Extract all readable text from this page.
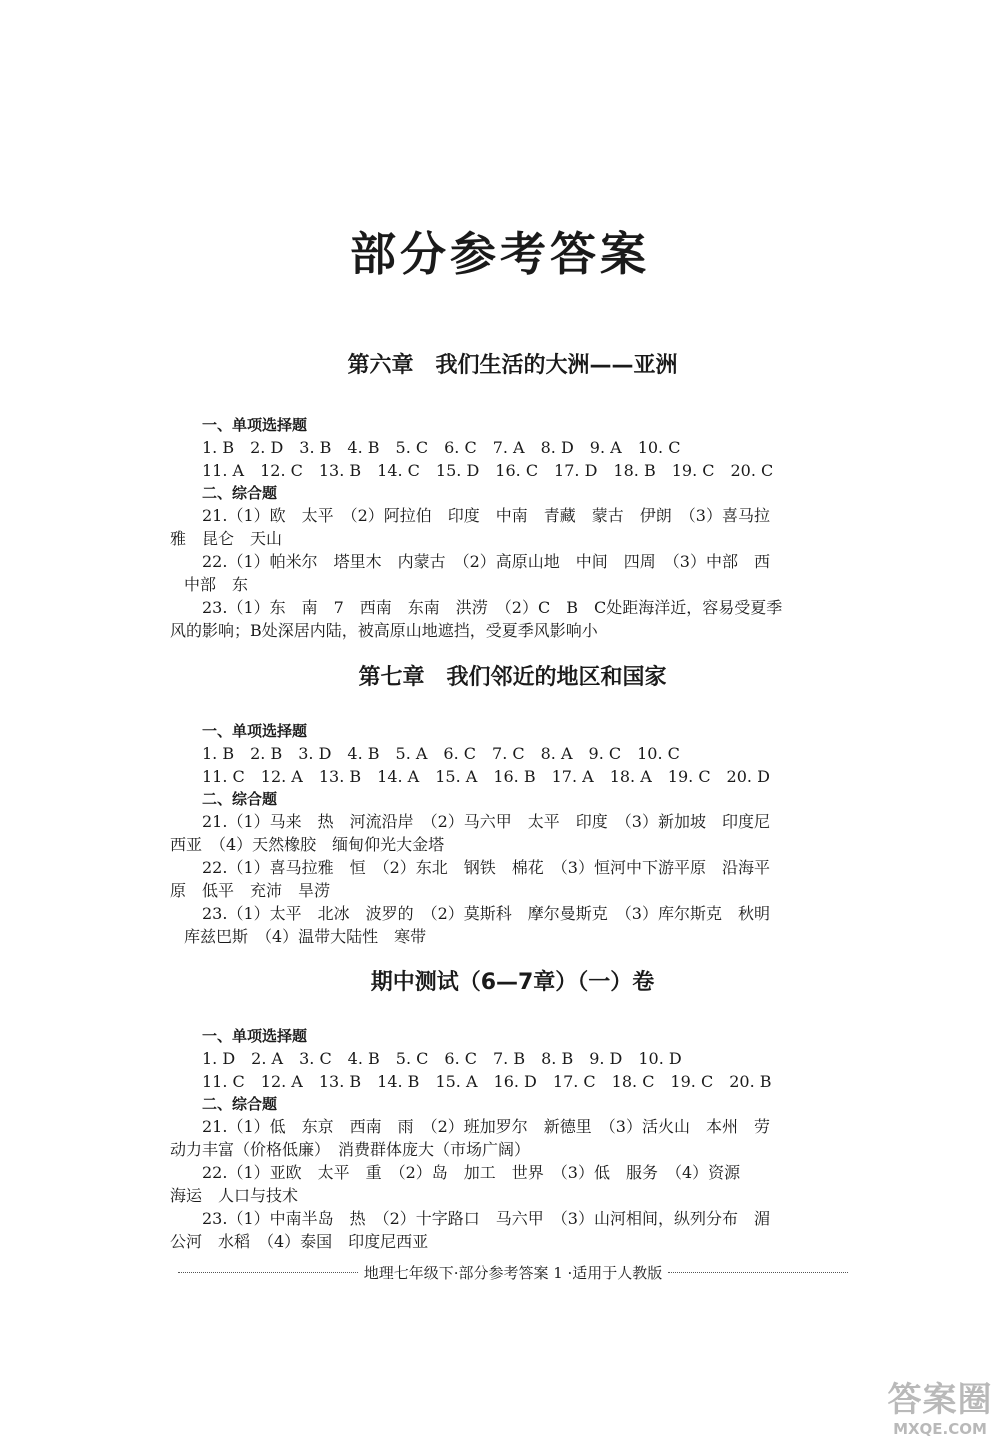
部分参考答案
第六章　我们生活的大洲——亚洲
一、单项选择题
1. B　2. D　3. B　4. B　5. C　6. C　7. A　8. D　9. A　10. C
11. A　12. C　13. B　14. C　15. D　16. C　17. D　18. B　19. C　20. C
二、综合题
21.（1）欧　太平　（2）阿拉伯　印度　中南　青藏　蒙古　伊朗　（3）喜马拉
雅　昆仑　天山
22.（1）帕米尔　塔里木　内蒙古　（2）高原山地　中间　四周　（3）中部　西
中部　东
23.（1）东　南　7　西南　东南　洪涝　（2）C　B　C处距海洋近，容易受夏季
风的影响；B处深居内陆，被高原山地遮挡，受夏季风影响小
第七章　我们邻近的地区和国家
一、单项选择题
1. B　2. B　3. D　4. B　5. A　6. C　7. C　8. A　9. C　10. C
11. C　12. A　13. B　14. A　15. A　16. B　17. A　18. A　19. C　20. D
二、综合题
21.（1）马来　热　河流沿岸　（2）马六甲　太平　印度　（3）新加坡　印度尼
西亚　（4）天然橡胶　缅甸仰光大金塔
22.（1）喜马拉雅　恒　（2）东北　钢铁　棉花　（3）恒河中下游平原　沿海平
原　低平　充沛　旱涝
23.（1）太平　北冰　波罗的　（2）莫斯科　摩尔曼斯克　（3）库尔斯克　秋明
库兹巴斯　（4）温带大陆性　寒带
期中测试（6—7章）（一）卷
一、单项选择题
1. D　2. A　3. C　4. B　5. C　6. C　7. B　8. B　9. D　10. D
11. C　12. A　13. B　14. B　15. A　16. D　17. C　18. C　19. C　20. B
二、综合题
21.（1）低　东京　西南　雨　（2）班加罗尔　新德里　（3）活火山　本州　劳
动力丰富（价格低廉）　消费群体庞大（市场广阔）
22.（1）亚欧　太平　重　（2）岛　加工　世界　（3）低　服务　（4）资源
海运　人口与技术
23.（1）中南半岛　热　（2）十字路口　马六甲　（3）山河相间，纵列分布　湄
公河　水稻　（4）泰国　印度尼西亚
地理七年级下·部分参考答案 1 ·适用于人教版
答案圈
MXQE.COM
